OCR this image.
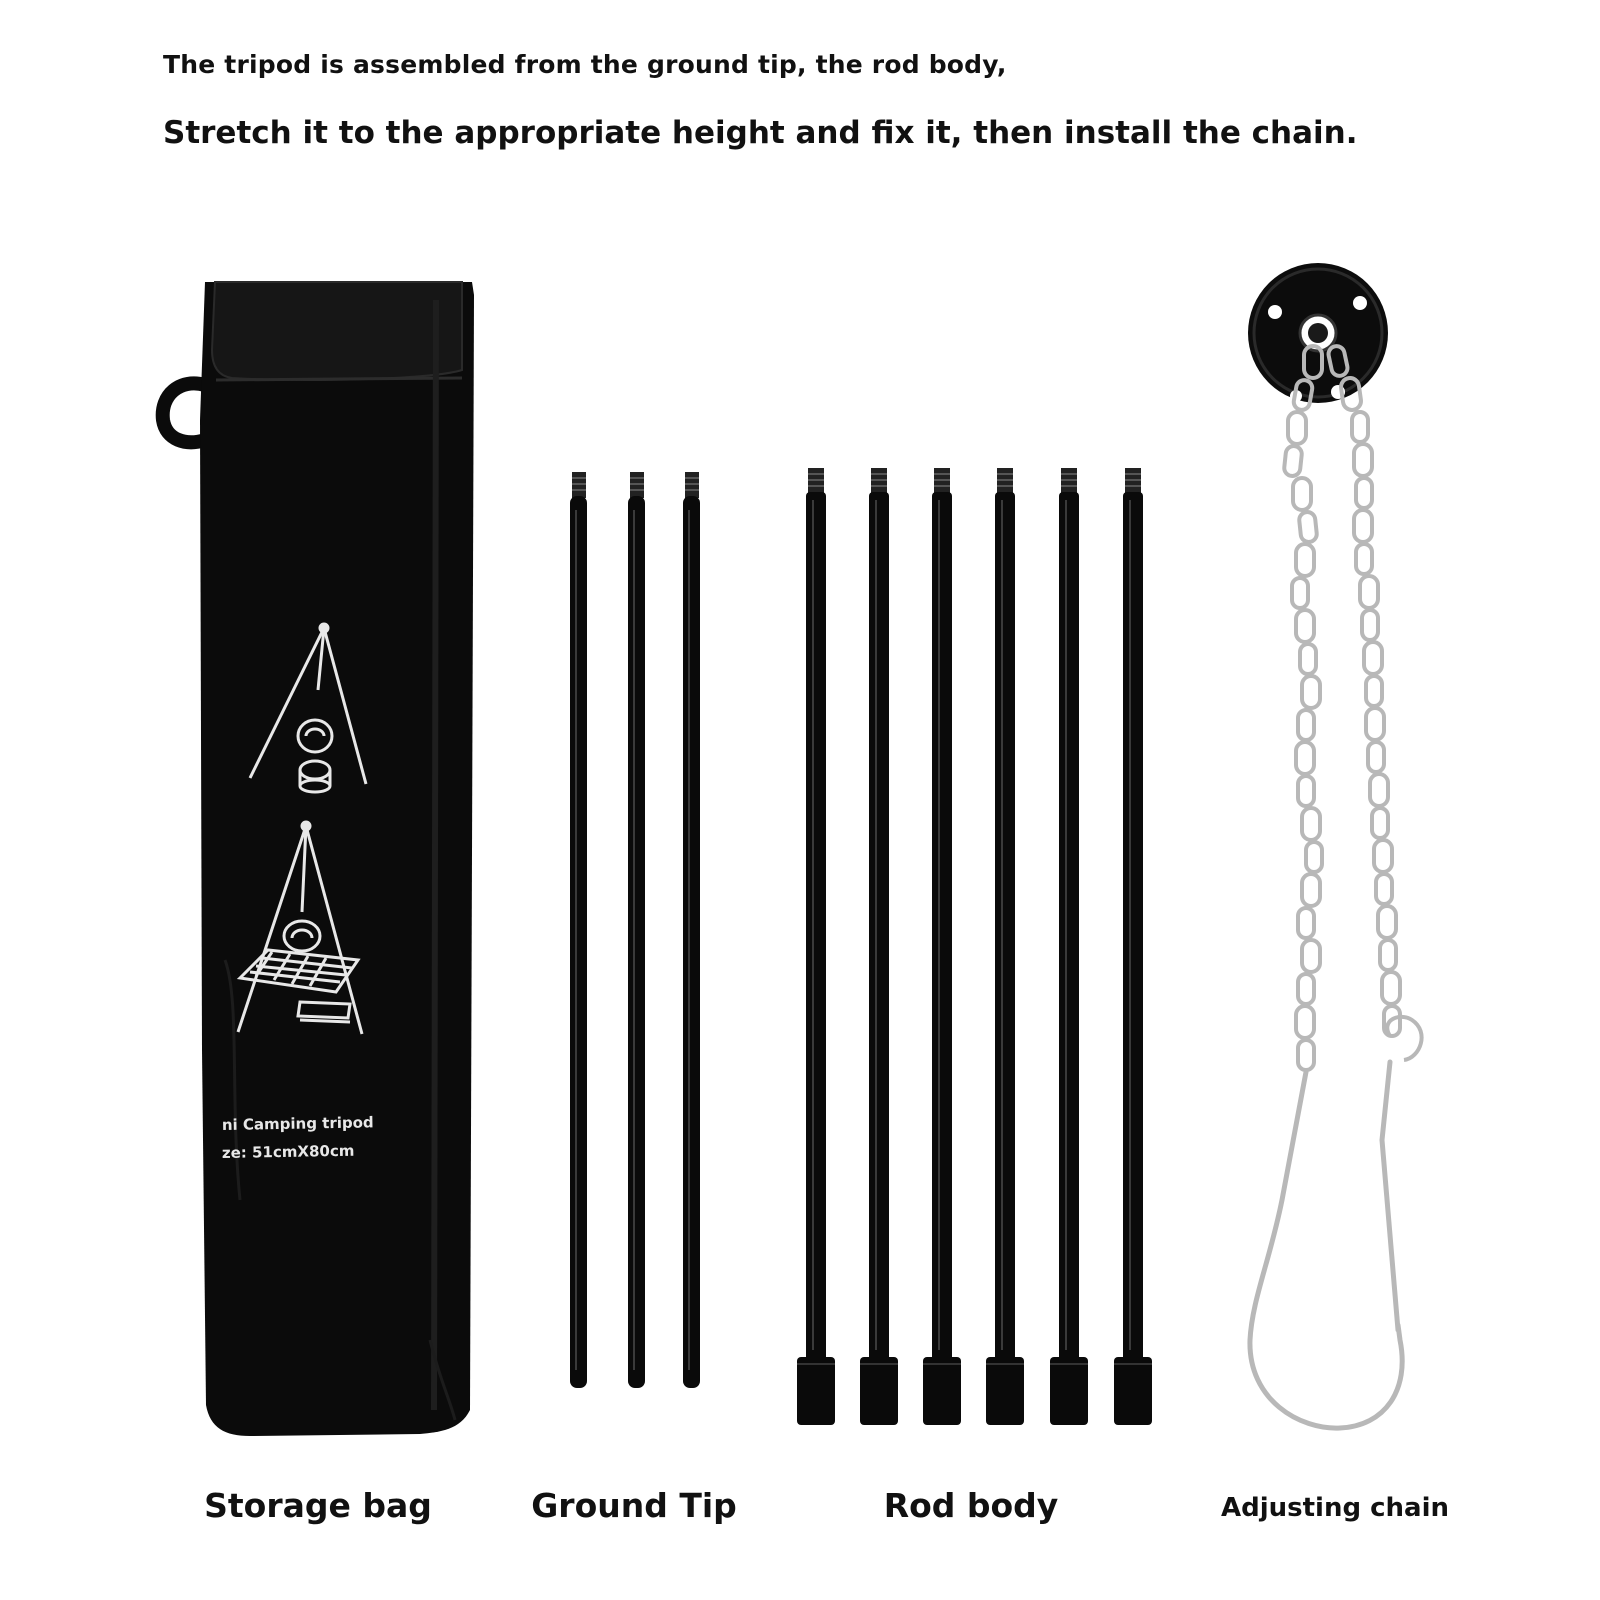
The tripod is assembled from the ground tip, the rod body,

Stretch it to the appropriate height and fix it, then install the chain.

ni Camping tripod
ze: 51cmX80cm
Storage bag	Ground Tip	Rod body	Adjusting chain
